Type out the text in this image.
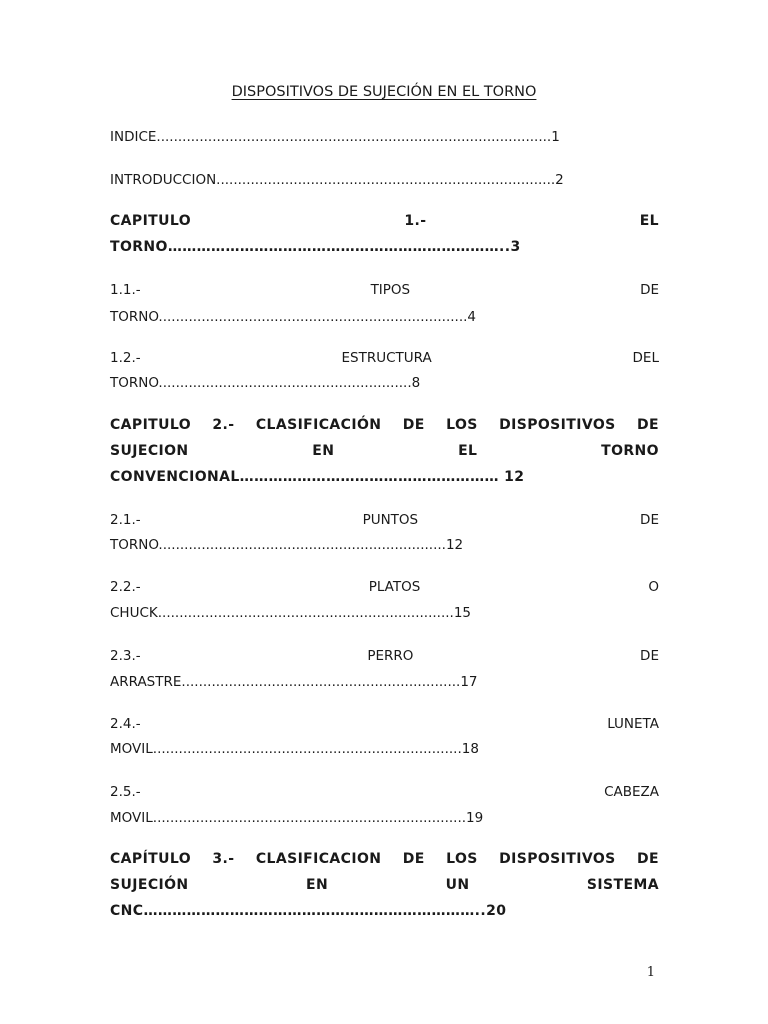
DISPOSITIVOS DE SUJECIÓN EN EL TORNO
INDICE............................................................................................1
INTRODUCCION...............................................................................2
CAPITULO	1.-	EL
TORNO……………………………………………………………..3
1.1.-	TIPOS	DE
TORNO........................................................................4
1.2.-	ESTRUCTURA	DEL
TORNO...........................................................8
CAPITULO 2.- CLASIFICACIÓN DE LOS DISPOSITIVOS DE
SUJECION	EN	EL	TORNO
CONVENCIONAL……………………………………………… 12
2.1.-	PUNTOS	DE
TORNO...................................................................12
2.2.-	PLATOS	O
CHUCK.....................................................................15
2.3.-	PERRO	DE
ARRASTRE.................................................................17
2.4.-	LUNETA
MOVIL........................................................................18
2.5.-	CABEZA
MOVIL.........................................................................19
CAPÍTULO 3.- CLASIFICACION DE LOS DISPOSITIVOS DE
SUJECIÓN	EN	UN	SISTEMA
CNC……………………………………………………………..20
1
